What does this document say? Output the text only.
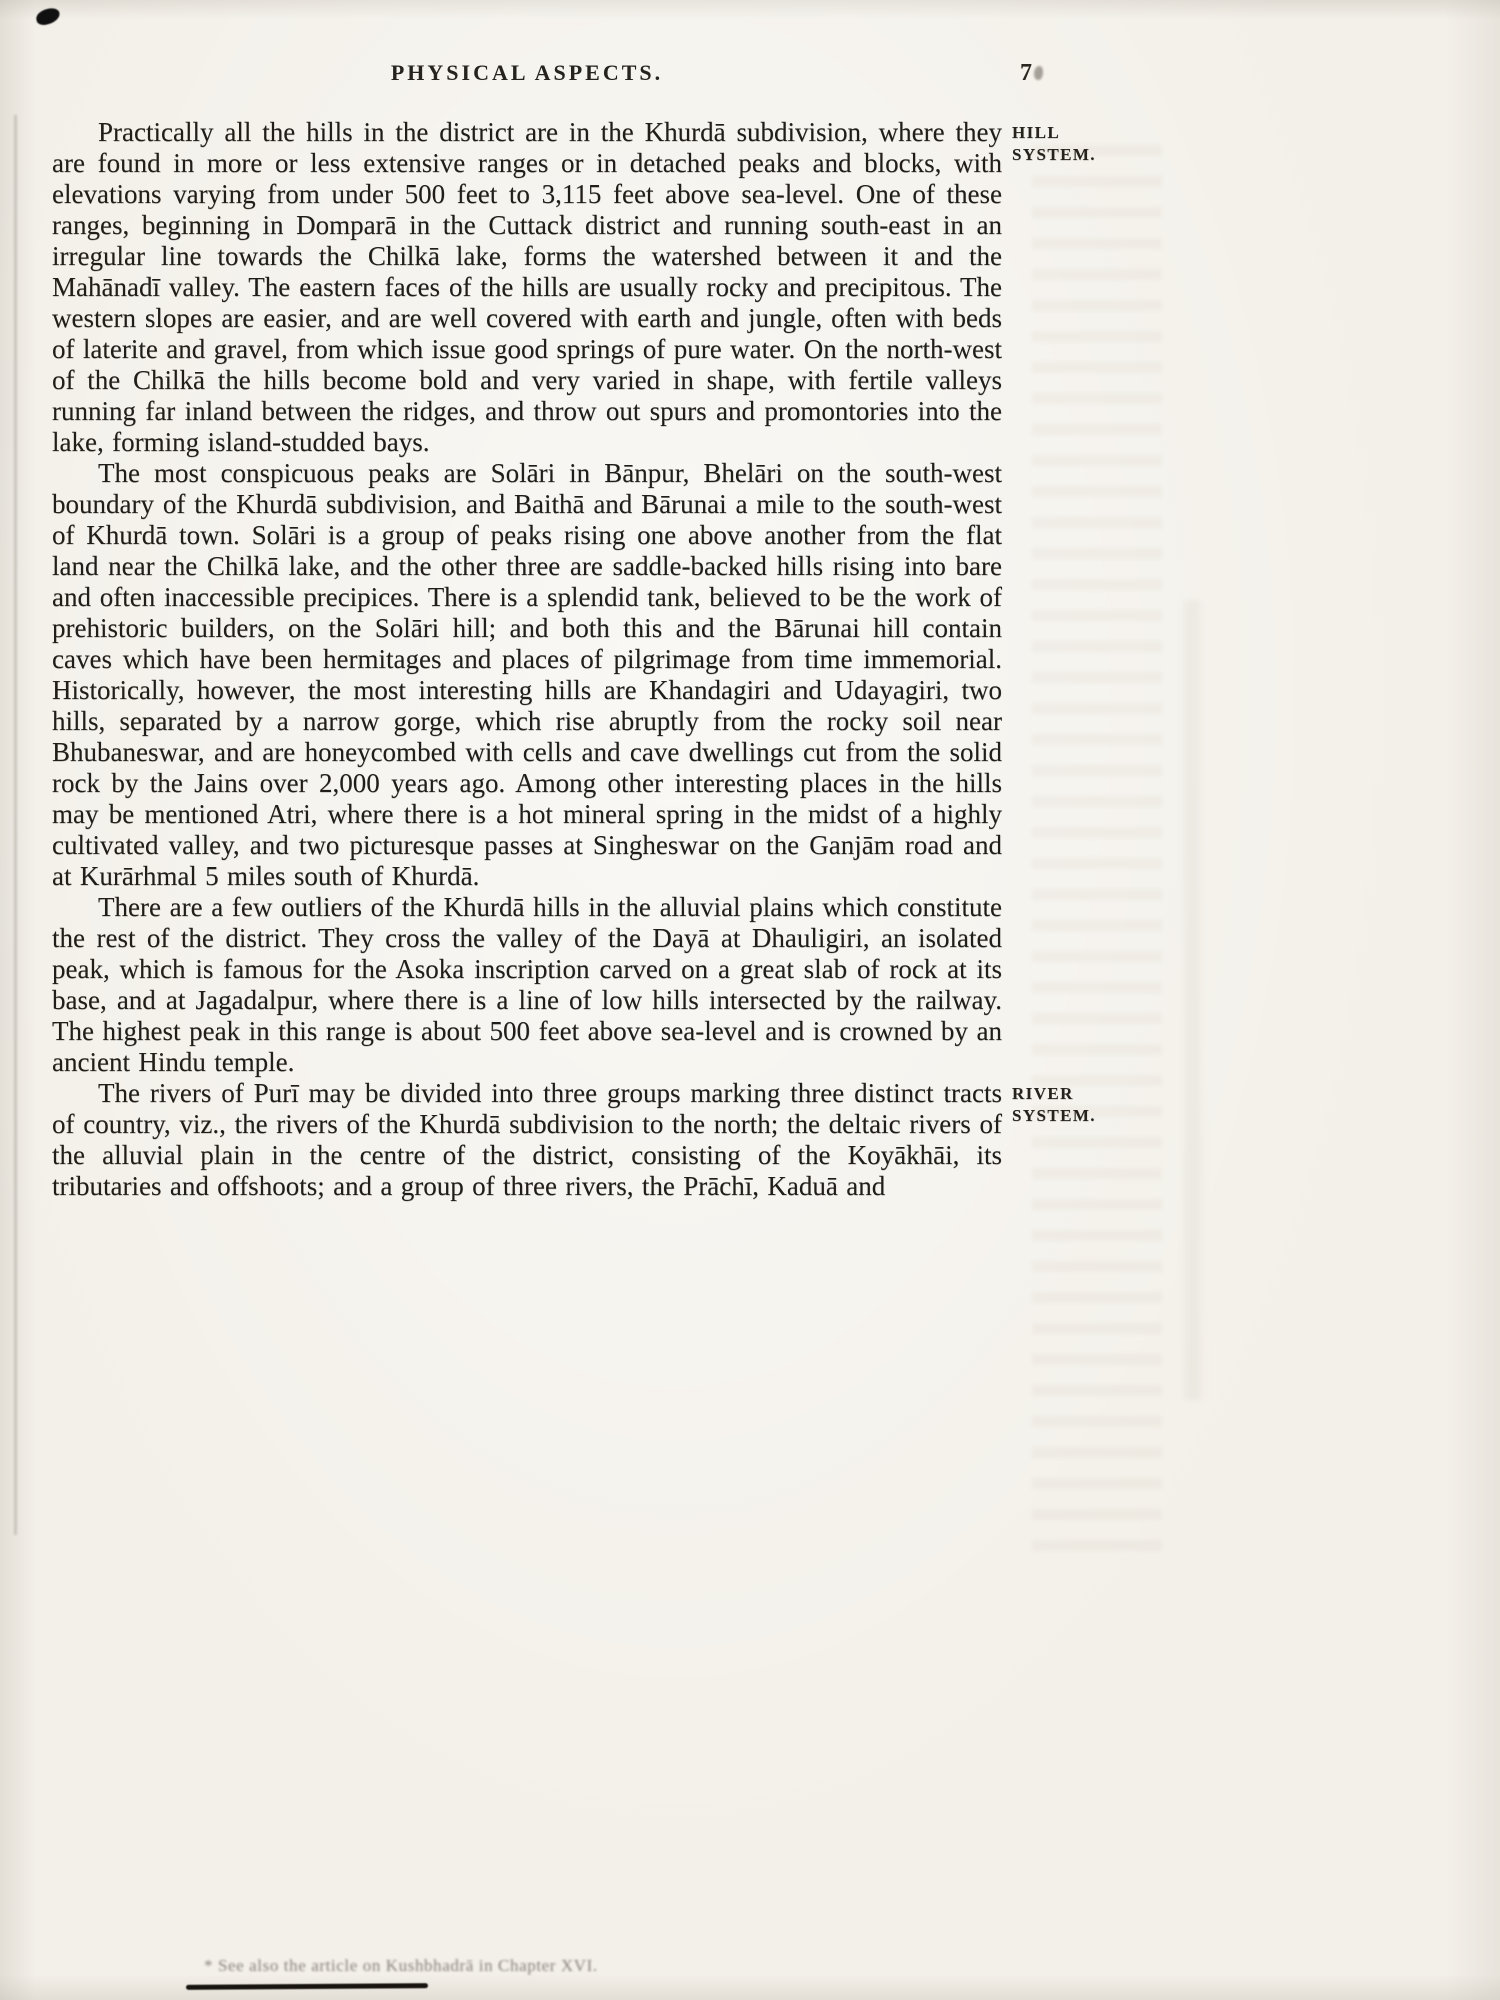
PHYSICAL ASPECTS.	7

Practically all the hills in the district are in the Khurdā subdivision, where they are found in more or less extensive ranges or in detached peaks and blocks, with elevations varying from under 500 feet to 3,115 feet above sea-level. One of these ranges, beginning in Domparā in the Cuttack district and running south-east in an irregular line towards the Chilkā lake, forms the watershed between it and the Mahānadī valley. The eastern faces of the hills are usually rocky and precipitous. The western slopes are easier, and are well covered with earth and jungle, often with beds of laterite and gravel, from which issue good springs of pure water. On the north-west of the Chilkā the hills become bold and very varied in shape, with fertile valleys running far inland between the ridges, and throw out spurs and promontories into the lake, forming island-studded bays.

HILL
SYSTEM.

The most conspicuous peaks are Solāri in Bānpur, Bhelāri on the south-west boundary of the Khurdā subdivision, and Baithā and Bārunai a mile to the south-west of Khurdā town. Solāri is a group of peaks rising one above another from the flat land near the Chilkā lake, and the other three are saddle-backed hills rising into bare and often inaccessible precipices. There is a splendid tank, believed to be the work of prehistoric builders, on the Solāri hill; and both this and the Bārunai hill contain caves which have been hermitages and places of pilgrimage from time immemorial. Historically, however, the most interesting hills are Khandagiri and Udayagiri, two hills, separated by a narrow gorge, which rise abruptly from the rocky soil near Bhubaneswar, and are honeycombed with cells and cave dwellings cut from the solid rock by the Jains over 2,000 years ago. Among other interesting places in the hills may be mentioned Atri, where there is a hot mineral spring in the midst of a highly cultivated valley, and two picturesque passes at Singheswar on the Ganjām road and at Kurārhmal 5 miles south of Khurdā.

There are a few outliers of the Khurdā hills in the alluvial plains which constitute the rest of the district. They cross the valley of the Dayā at Dhauligiri, an isolated peak, which is famous for the Asoka inscription carved on a great slab of rock at its base, and at Jagadalpur, where there is a line of low hills intersected by the railway. The highest peak in this range is about 500 feet above sea-level and is crowned by an ancient Hindu temple.

The rivers of Purī may be divided into three groups marking three distinct tracts of country, viz., the rivers of the Khurdā subdivision to the north; the deltaic rivers of the alluvial plain in the centre of the district, consisting of the Koyākhāi, its tributaries and offshoots; and a group of three rivers, the Prāchī, Kaduā and

RIVER
SYSTEM.
* See also the article on Kushbhadrā in Chapter XVI.
